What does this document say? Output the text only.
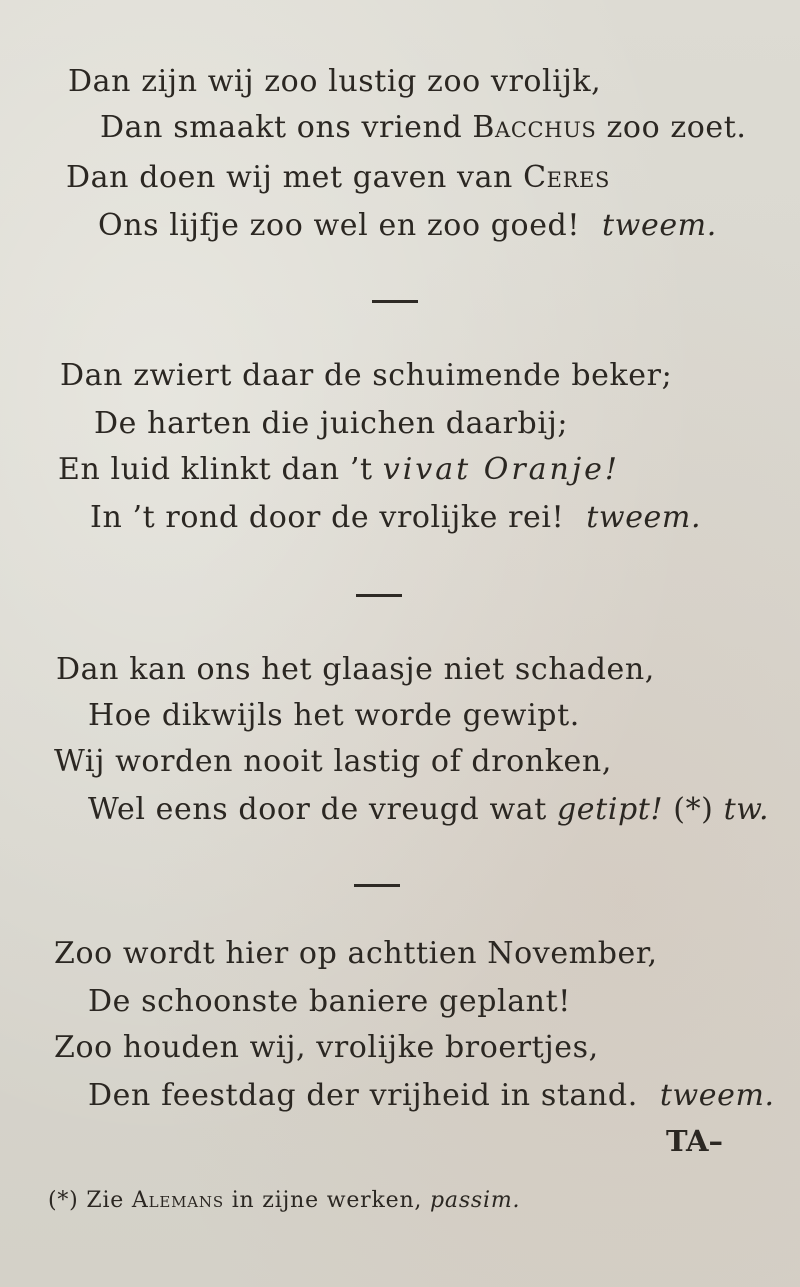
Dan zijn wij zoo lustig zoo vrolijk,
Dan smaakt ons vriend Bacchus zoo zoet.
Dan doen wij met gaven van Ceres
Ons lijfje zoo wel en zoo goed! tweem.
Dan zwiert daar de schuimende beker;
De harten die juichen daarbij;
En luid klinkt dan ’t vivat Oranje!
In ’t rond door de vrolijke rei! tweem.
Dan kan ons het glaasje niet schaden,
Hoe dikwijls het worde gewipt.
Wij worden nooit lastig of dronken,
Wel eens door de vreugd wat getipt! (*) tw.
Zoo wordt hier op achttien November,
De schoonste baniere geplant!
Zoo houden wij, vrolijke broertjes,
Den feestdag der vrijheid in stand. tweem.
TA–
(*) Zie Alemans in zijne werken, passim.
